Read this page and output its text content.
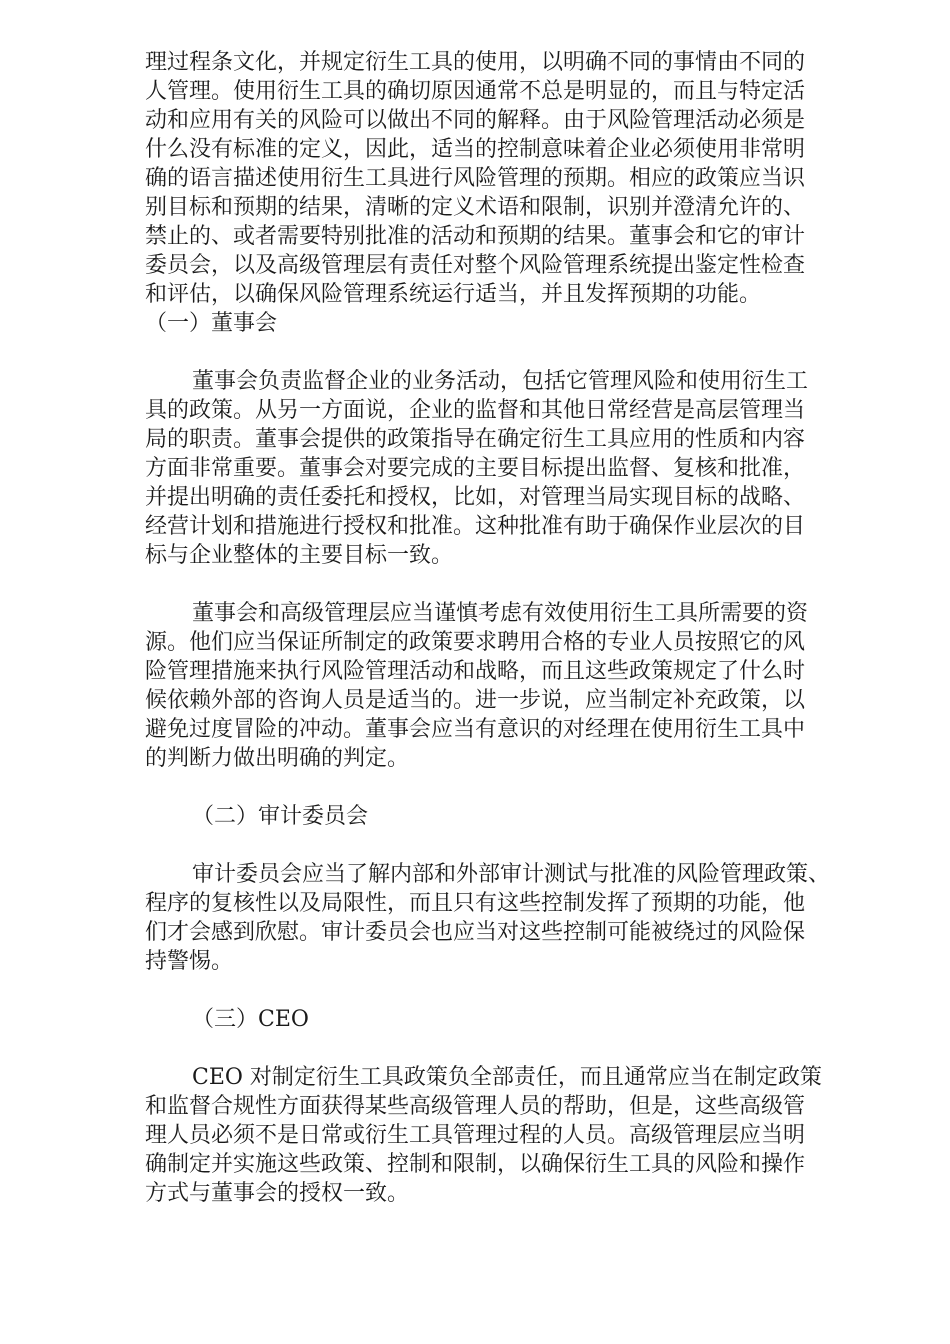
理过程条文化，并规定衍生工具的使用，以明确不同的事情由不同的
人管理。使用衍生工具的确切原因通常不总是明显的，而且与特定活
动和应用有关的风险可以做出不同的解释。由于风险管理活动必须是
什么没有标准的定义，因此，适当的控制意味着企业必须使用非常明
确的语言描述使用衍生工具进行风险管理的预期。相应的政策应当识
别目标和预期的结果，清晰的定义术语和限制，识别并澄清允许的、
禁止的、或者需要特别批准的活动和预期的结果。董事会和它的审计
委员会，以及高级管理层有责任对整个风险管理系统提出鉴定性检查
和评估，以确保风险管理系统运行适当，并且发挥预期的功能。
（一）董事会
董事会负责监督企业的业务活动，包括它管理风险和使用衍生工
具的政策。从另一方面说，企业的监督和其他日常经营是高层管理当
局的职责。董事会提供的政策指导在确定衍生工具应用的性质和内容
方面非常重要。董事会对要完成的主要目标提出监督、复核和批准，
并提出明确的责任委托和授权，比如，对管理当局实现目标的战略、
经营计划和措施进行授权和批准。这种批准有助于确保作业层次的目
标与企业整体的主要目标一致。
董事会和高级管理层应当谨慎考虑有效使用衍生工具所需要的资
源。他们应当保证所制定的政策要求聘用合格的专业人员按照它的风
险管理措施来执行风险管理活动和战略，而且这些政策规定了什么时
候依赖外部的咨询人员是适当的。进一步说，应当制定补充政策，以
避免过度冒险的冲动。董事会应当有意识的对经理在使用衍生工具中
的判断力做出明确的判定。
（二）审计委员会
审计委员会应当了解内部和外部审计测试与批准的风险管理政策、
程序的复核性以及局限性，而且只有这些控制发挥了预期的功能，他
们才会感到欣慰。审计委员会也应当对这些控制可能被绕过的风险保
持警惕。
（三）CEO
CEO 对制定衍生工具政策负全部责任，而且通常应当在制定政策
和监督合规性方面获得某些高级管理人员的帮助，但是，这些高级管
理人员必须不是日常或衍生工具管理过程的人员。高级管理层应当明
确制定并实施这些政策、控制和限制，以确保衍生工具的风险和操作
方式与董事会的授权一致。
